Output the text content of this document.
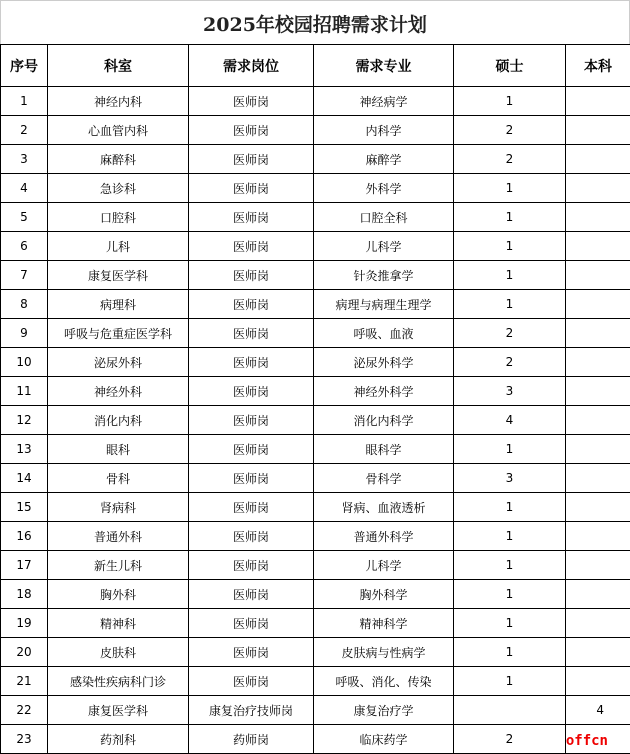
2025年校园招聘需求计划
序号	科室	需求岗位	需求专业	硕士	本科
1	神经内科	医师岗	神经病学	1	
2	心血管内科	医师岗	内科学	2	
3	麻醉科	医师岗	麻醉学	2	
4	急诊科	医师岗	外科学	1	
5	口腔科	医师岗	口腔全科	1	
6	儿科	医师岗	儿科学	1	
7	康复医学科	医师岗	针灸推拿学	1	
8	病理科	医师岗	病理与病理生理学	1	
9	呼吸与危重症医学科	医师岗	呼吸、血液	2	
10	泌尿外科	医师岗	泌尿外科学	2	
11	神经外科	医师岗	神经外科学	3	
12	消化内科	医师岗	消化内科学	4	
13	眼科	医师岗	眼科学	1	
14	骨科	医师岗	骨科学	3	
15	肾病科	医师岗	肾病、血液透析	1	
16	普通外科	医师岗	普通外科学	1	
17	新生儿科	医师岗	儿科学	1	
18	胸外科	医师岗	胸外科学	1	
19	精神科	医师岗	精神科学	1	
20	皮肤科	医师岗	皮肤病与性病学	1	
21	感染性疾病科门诊	医师岗	呼吸、消化、传染	1	
22	康复医学科	康复治疗技师岗	康复治疗学		4
23	药剂科	药师岗	临床药学	2		offcn
